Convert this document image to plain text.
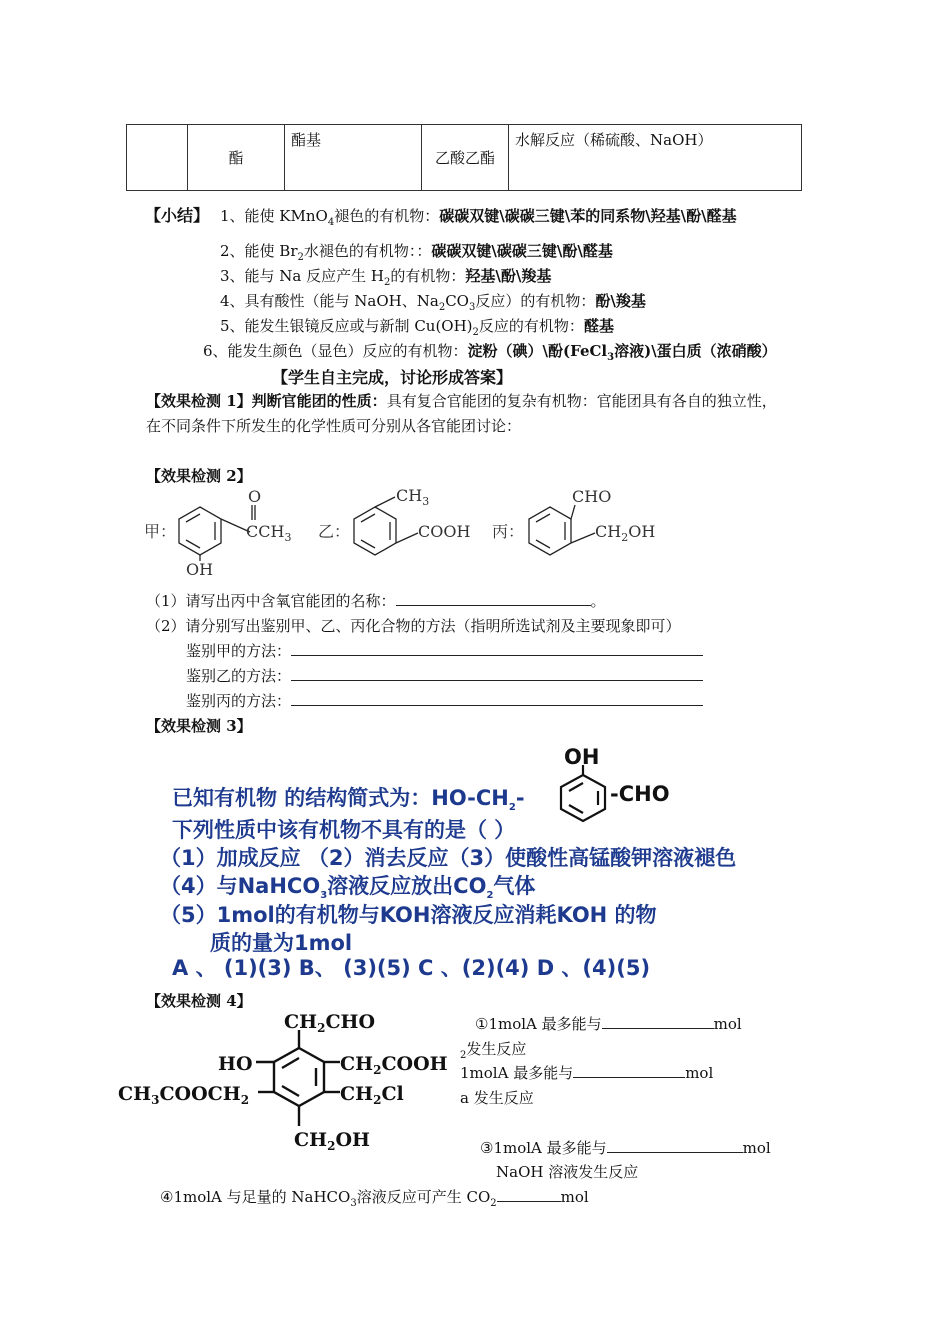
	酯	酯基	乙酸乙酯	水解反应（稀硫酸、NaOH）
【小结】 1、能使 KMnO$_4$褪色的有机物：碳碳双键\碳碳三键\苯的同系物\羟基\酚\醛基
2、能使 $Br_2$水褪色的有机物：：碳碳双键\碳碳三键\酚\醛基
3、能与 Na 反应产生 $H_2$的有机物：羟基\酚\羧基
4、具有酸性（能与 NaOH、$Na_2CO_3$反应）的有机物：酚\羧基
5、能发生银镜反应或与新制 $Cu(OH)_2$反应的有机物：醛基
6、能发生颜色（显色）反应的有机物：淀粉（碘）\酚(FeCl$_3$溶液)\蛋白质（浓硝酸）
【学生自主完成，讨论形成答案】
【效果检测 1】判断官能团的性质：具有复合官能团的复杂有机物：官能团具有各自的独立性，
在不同条件下所发生的化学性质可分别从各官能团讨论：
【效果检测 2】
甲：
O
$CCH_3$
OH
乙：
$CH_3$
COOH 丙：
CHO
$CH_2OH$
（1）请写出丙中含氧官能团的名称：	。
（2）请分别写出鉴别甲、乙、丙化合物的方法（指明所选试剂及主要现象即可）
鉴别甲的方法：
鉴别乙的方法：
鉴别丙的方法：
【效果检测 3】
OH
已知有机物 的结构简式为：$HO-CH_2-$	-CHO
下列性质中该有机物不具有的是（ ）
（1）加成反应 （2）消去反应（3）使酸性高锰酸钾溶液褪色
（4）与NaHCO$_3$溶液反应放出$CO_2$气体
（5）1mol的有机物与KOH溶液反应消耗KOH 的物
质的量为1mol
A 、 (1)(3) B、 (3)(5) C 、(2)(4) D 、(4)(5)
【效果检测 4】
$CH_2CHO$
HO	$CH_2COOH$
$CH_3COOCH_2$	$CH_2Cl$
$CH_2OH$
①1molA 最多能与	mol
$_2$发生反应
1molA 最多能与	mol
a 发生反应
③1molA 最多能与	mol
NaOH 溶液发生反应
④1molA 与足量的 NaHCO$_3$溶液反应可产生 $CO_2$	mol
